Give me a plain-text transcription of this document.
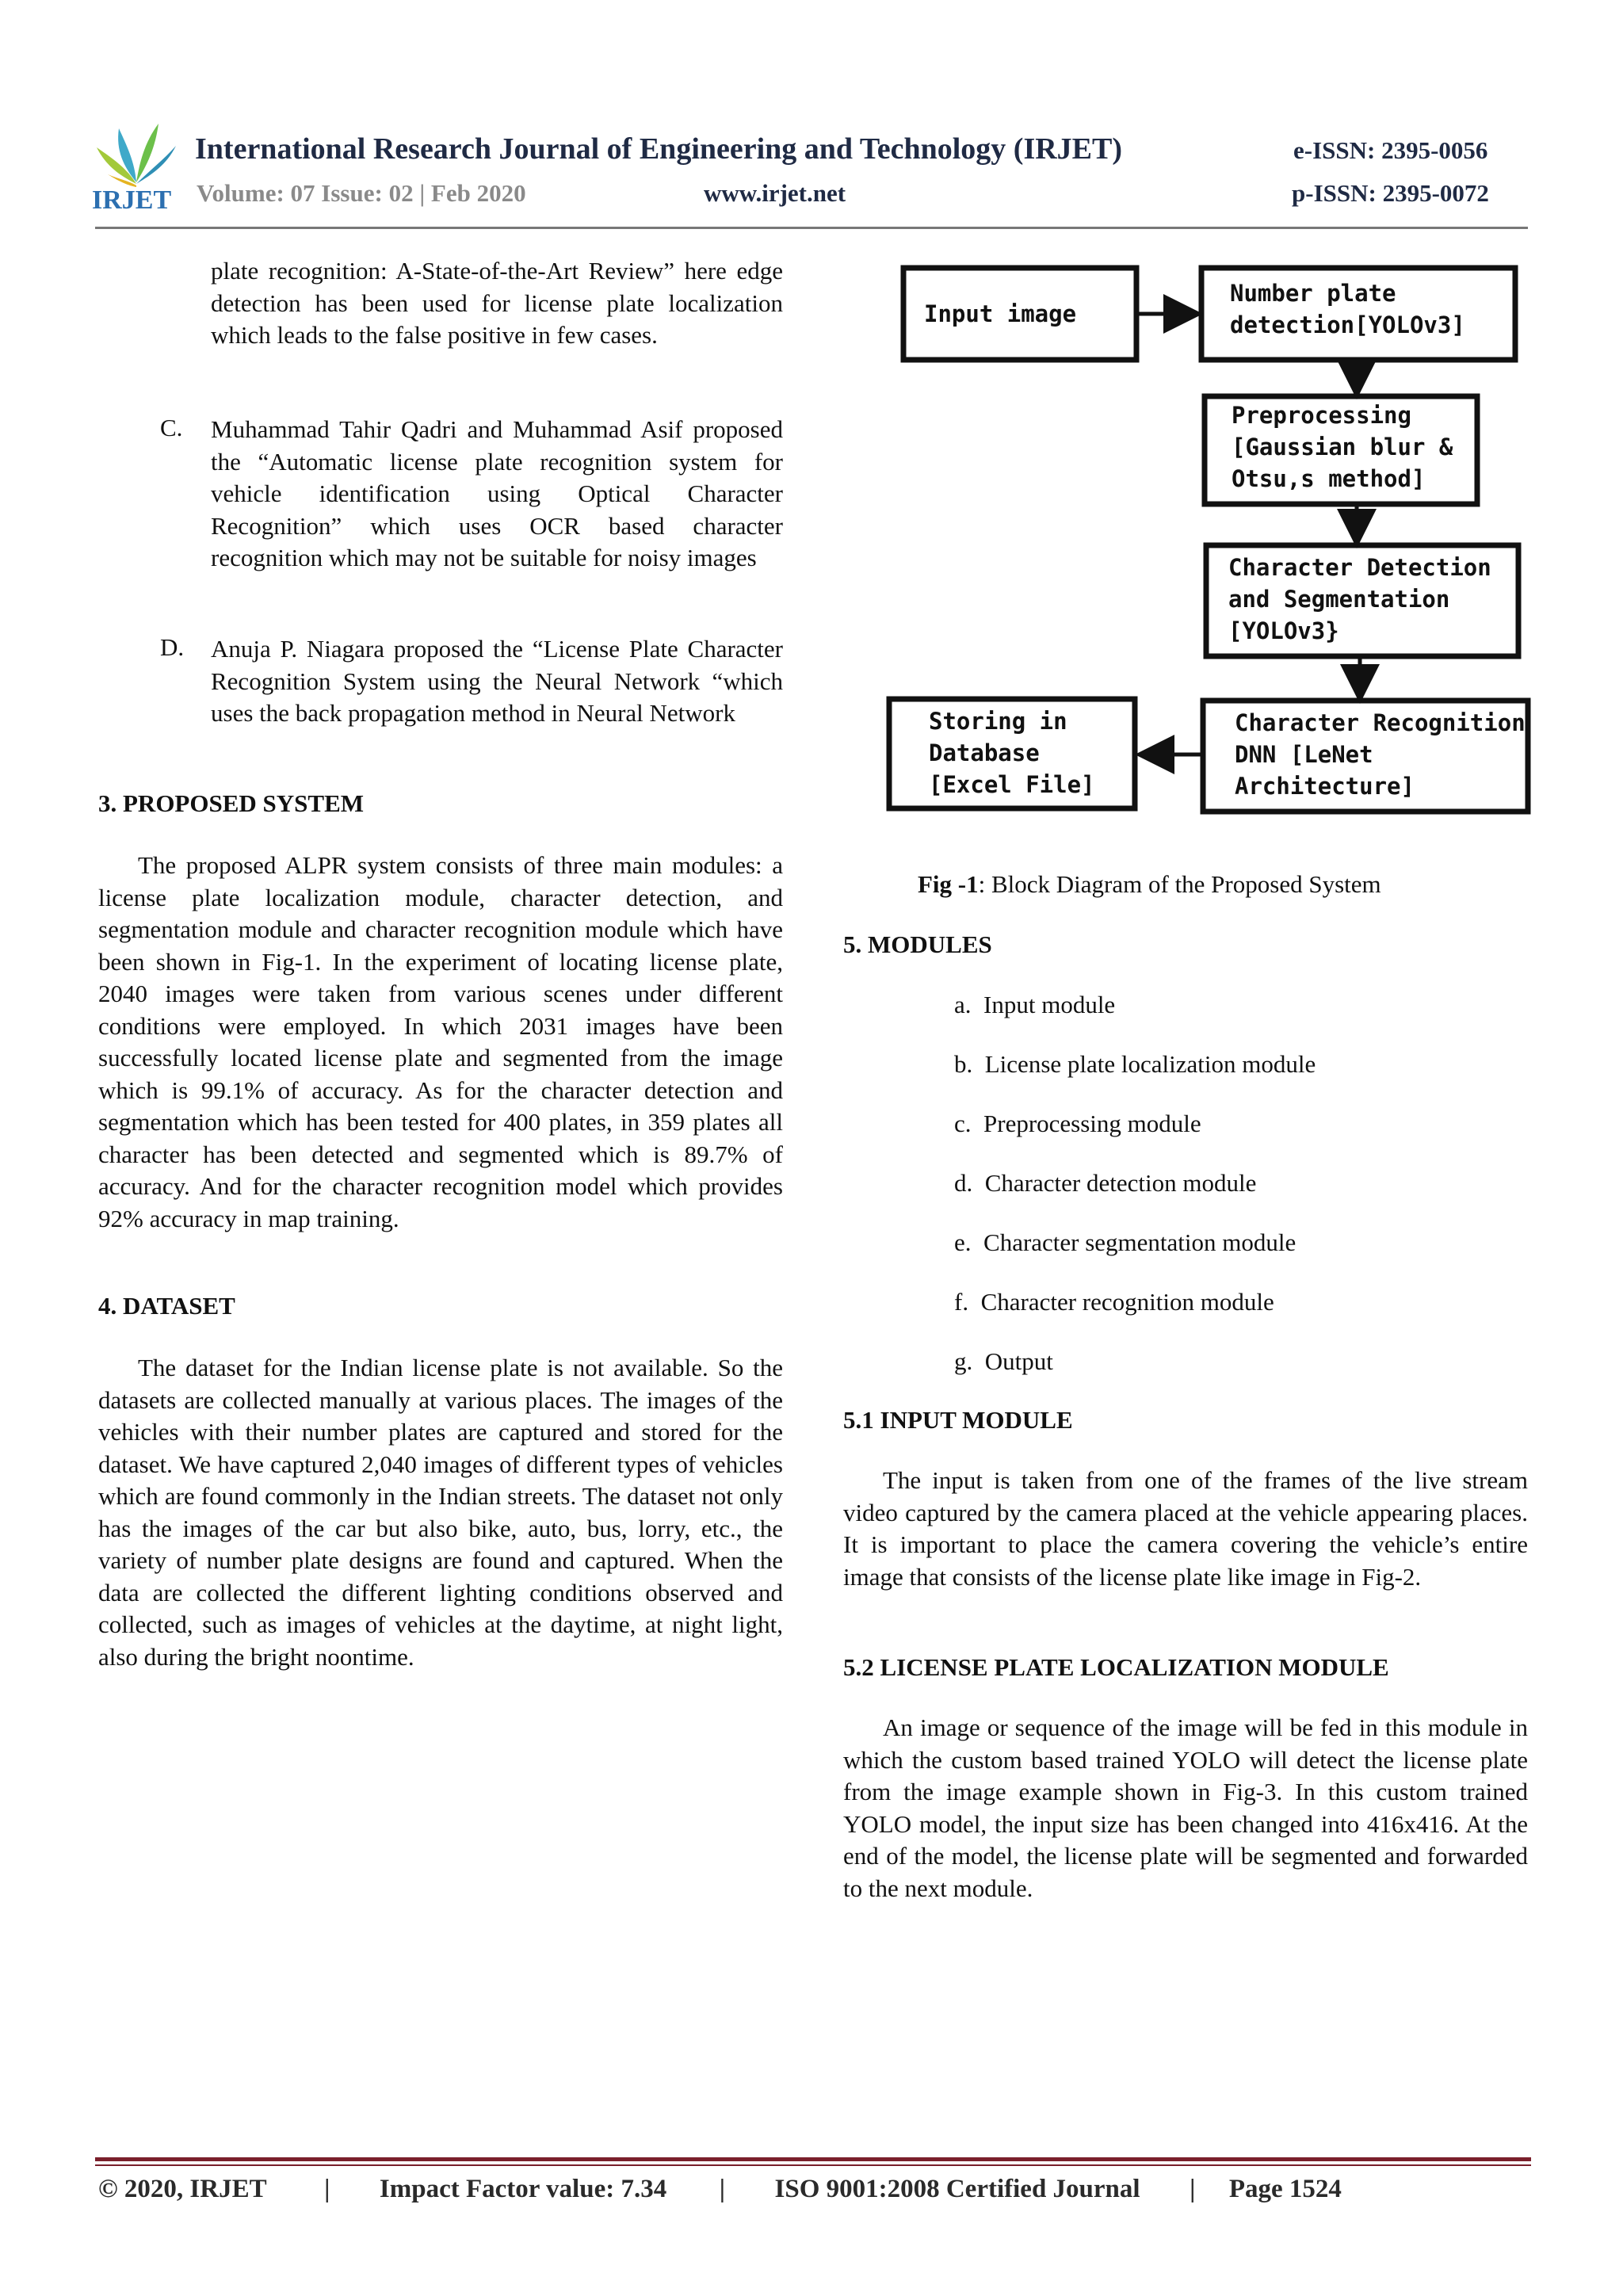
IRJET
International Research Journal of Engineering and Technology (IRJET)	e-ISSN: 2395-0056
Volume: 07 Issue: 02 | Feb 2020	www.irjet.net	p-ISSN: 2395-0072

plate recognition: A-State-of-the-Art Review” here edge detection has been used for license plate localization which leads to the false positive in few cases.

C. Muhammad Tahir Qadri and Muhammad Asif proposed the “Automatic license plate recognition system for vehicle identification using Optical Character Recognition” which uses OCR based character recognition which may not be suitable for noisy images

D. Anuja P. Niagara proposed the “License Plate Character Recognition System using the Neural Network “which uses the back propagation method in Neural Network

3. PROPOSED SYSTEM

The proposed ALPR system consists of three main modules: a license plate localization module, character detection, and segmentation module and character recognition module which have been shown in Fig-1. In the experiment of locating license plate, 2040 images were taken from various scenes under different conditions were employed. In which 2031 images have been successfully located license plate and segmented from the image which is 99.1% of accuracy. As for the character detection and segmentation which has been tested for 400 plates, in 359 plates all character has been detected and segmented which is 89.7% of accuracy. And for the character recognition model which provides 92% accuracy in map training.

4. DATASET

The dataset for the Indian license plate is not available. So the datasets are collected manually at various places. The images of the vehicles with their number plates are captured and stored for the dataset. We have captured 2,040 images of different types of vehicles which are found commonly in the Indian streets. The dataset not only has the images of the car but also bike, auto, bus, lorry, etc., the variety of number plate designs are found and captured. When the data are collected the different lighting conditions observed and collected, such as images of vehicles at the daytime, at night light, also during the bright noontime.

Input image
Number plate
detection[YOLOv3]
Preprocessing
[Gaussian blur &
Otsu,s method]
Character Detection
and Segmentation
[YOLOv3}
Character Recognition
DNN [LeNet
Architecture]
Storing in
Database
[Excel File]
Fig -1: Block Diagram of the Proposed System
5. MODULES
a. Input module
b. License plate localization module
c. Preprocessing module
d. Character detection module
e. Character segmentation module
f. Character recognition module
g. Output
5.1 INPUT MODULE

The input is taken from one of the frames of the live stream video captured by the camera placed at the vehicle appearing places. It is important to place the camera covering the vehicle’s entire image that consists of the license plate like image in Fig-2.

5.2 LICENSE PLATE LOCALIZATION MODULE

An image or sequence of the image will be fed in this module in which the custom based trained YOLO will detect the license plate from the image example shown in Fig-3. In this custom trained YOLO model, the input size has been changed into 416x416. At the end of the model, the license plate will be segmented and forwarded to the next module.

© 2020, IRJET | Impact Factor value: 7.34 | ISO 9001:2008 Certified Journal | Page 1524
